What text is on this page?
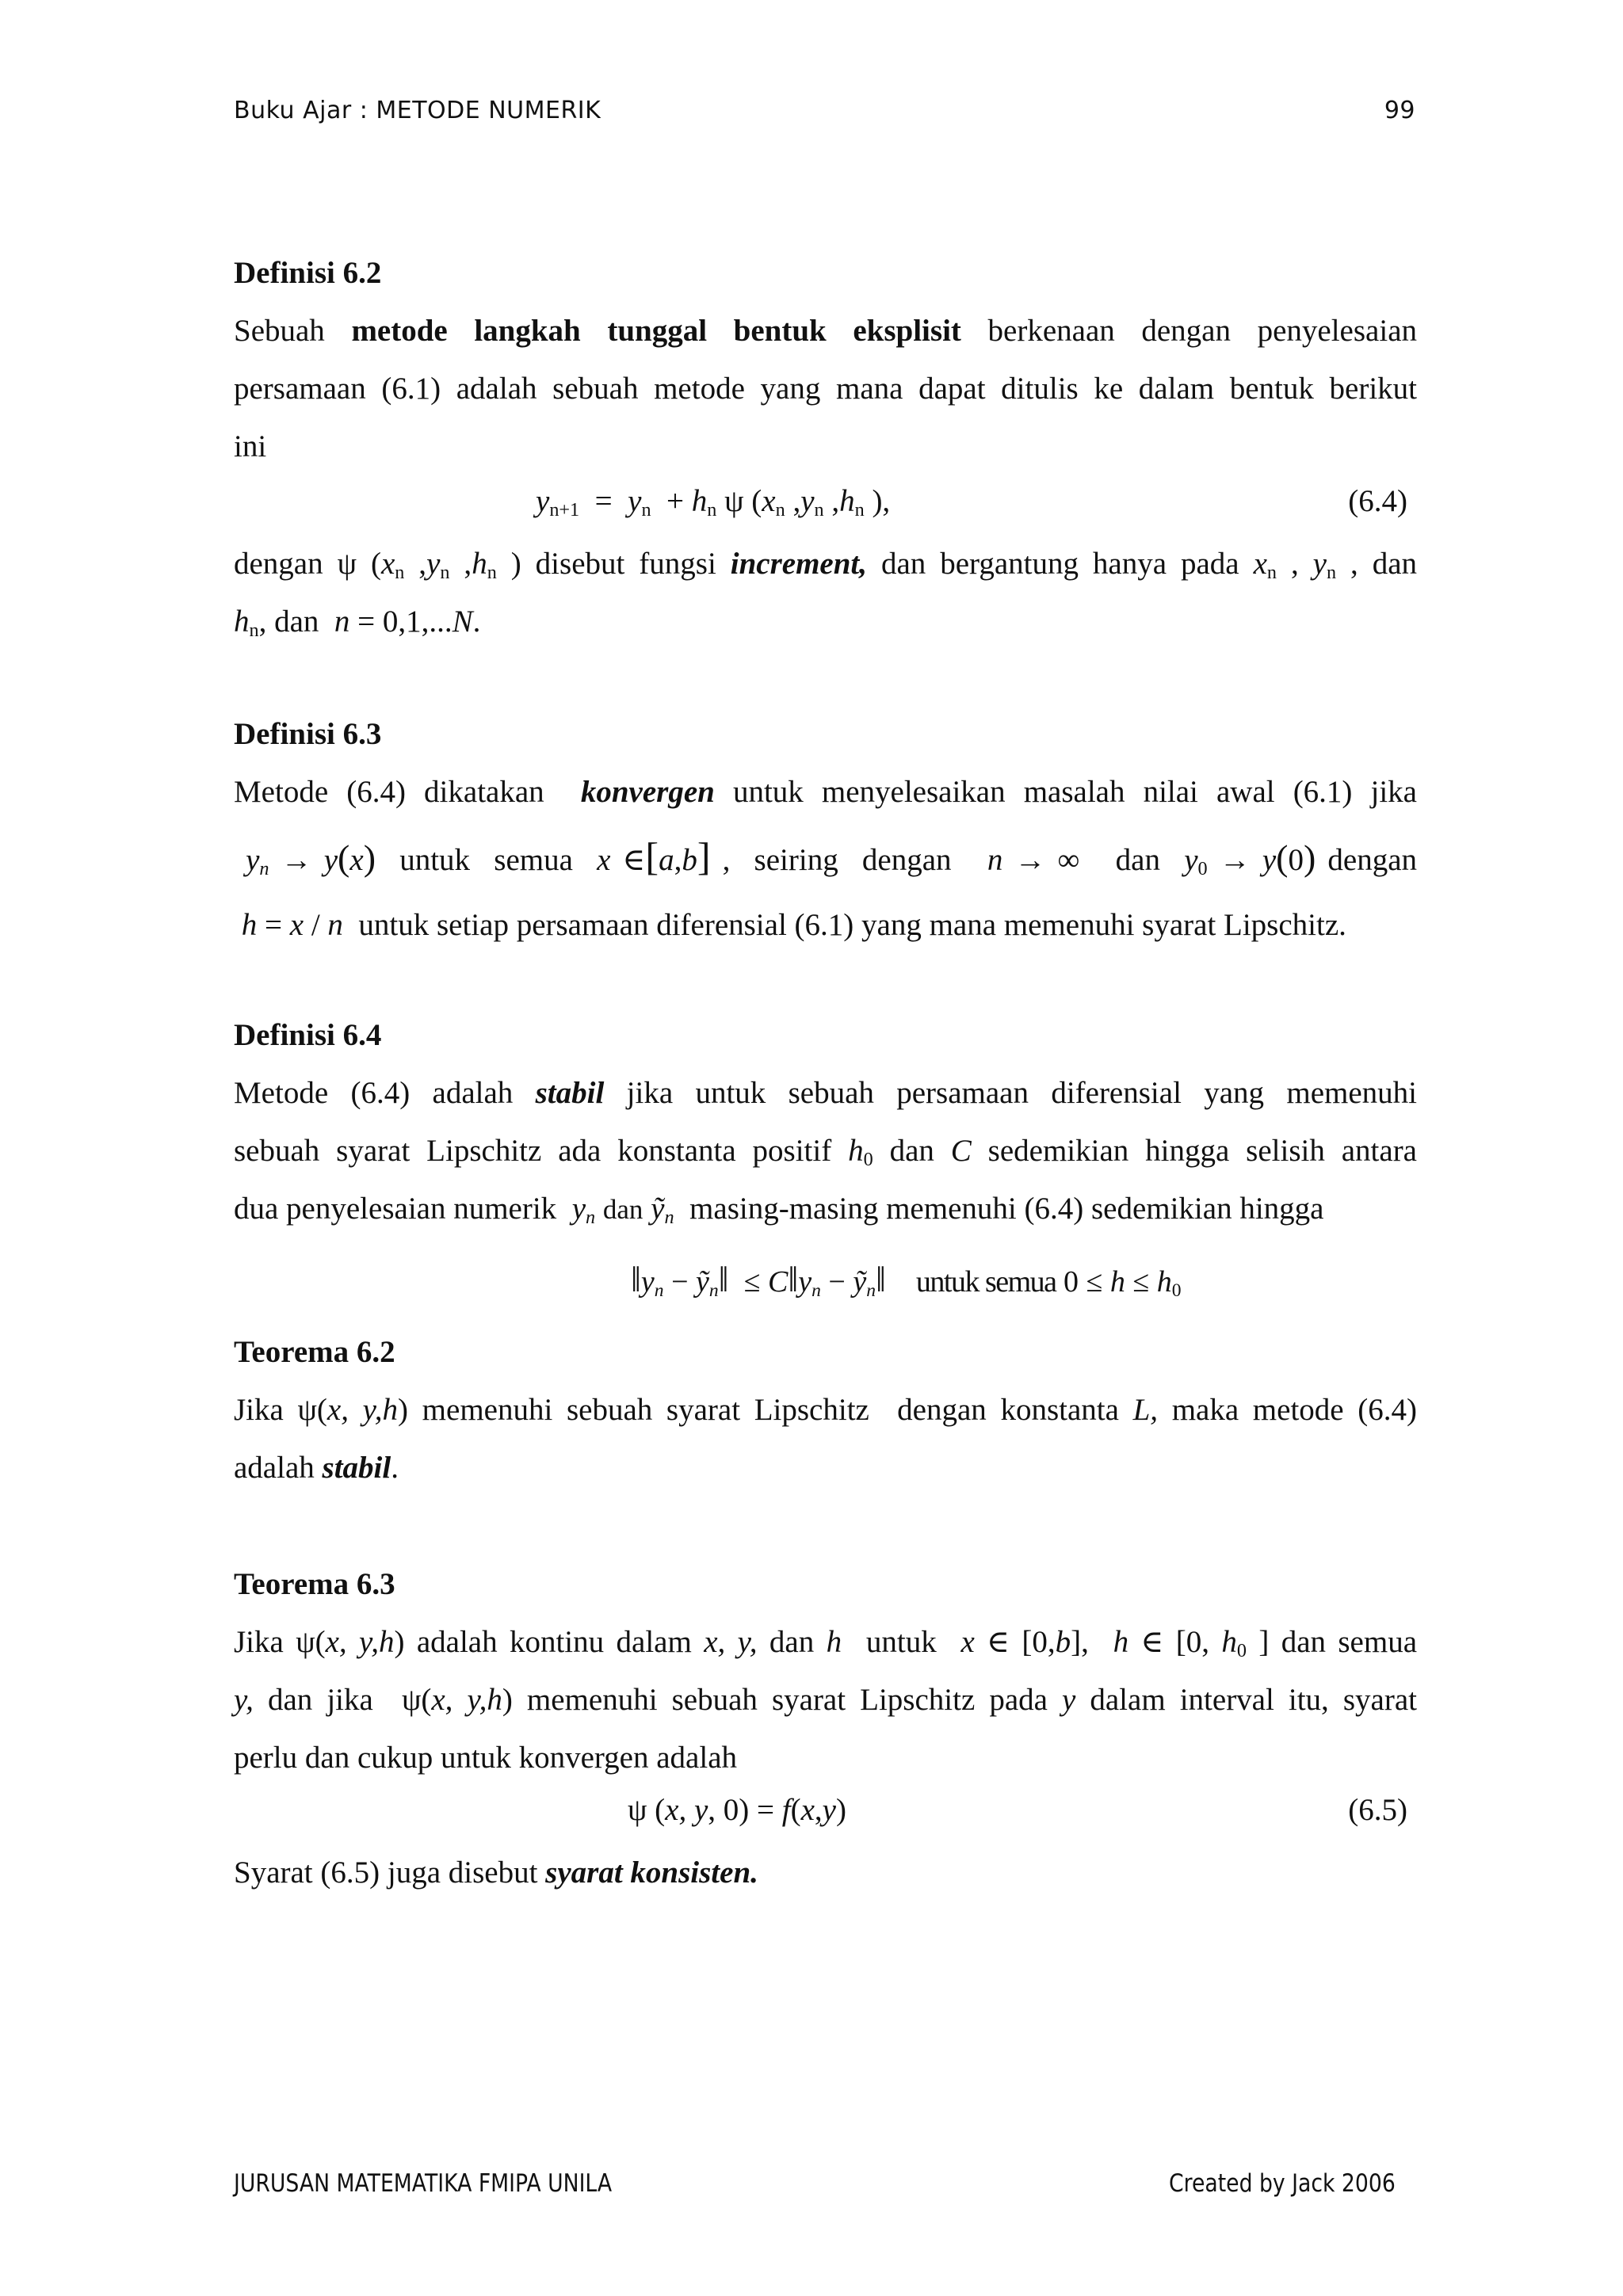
Buku Ajar : METODE NUMERIK	99
Definisi 6.2
Sebuah metode langkah tunggal bentuk eksplisit berkenaan dengan penyelesaian
persamaan (6.1) adalah sebuah metode yang mana dapat ditulis ke dalam bentuk berikut
ini
$y_{n+1} = y_n + h_n$ ψ ($x_n$ $,y_n$ $,h_n$ ),	(6.4)
dengan ψ ($x_n$ $,y_n$ $,h_n$ ) disebut fungsi increment, dan bergantung hanya pada $x_n$ , $y_n$ , dan
$h_n$, dan  n = 0,1,...N.
Definisi 6.3
Metode (6.4) dikatakan  konvergen untuk menyelesaikan masalah nilai awal (6.1) jika
$y_n \to y(x)$  untuk  semua  x ∈[a,b] ,  seiring  dengan   n → ∞   dan  $y_0 \to y(0)$ dengan
h = x / n  untuk setiap persamaan diferensial (6.1) yang mana memenuhi syarat Lipschitz.
Definisi 6.4
Metode (6.4) adalah stabil jika untuk sebuah persamaan diferensial yang memenuhi
sebuah syarat Lipschitz ada konstanta positif $h_0$ dan C sedemikian hingga selisih antara
dua penyelesaian numerik  $y_n$ dan ỹ$_n$  masing-masing memenuhi (6.4) sedemikian hingga
$‖y_n$ − ỹ$_n$‖  ≤ $C‖y_n$ − ỹ$_n$‖ untuk semua $0 \le h \le h_0$
Teorema 6.2
Jika ψ(x, y,h) memenuhi sebuah syarat Lipschitz  dengan konstanta L, maka metode (6.4)
adalah stabil.
Teorema 6.3
Jika ψ(x, y,h) adalah kontinu dalam x, y, dan h  untuk  x ∈ [0,b],  h ∈ [0, $h_0$ ] dan semua
y, dan jika  ψ(x, y,h) memenuhi sebuah syarat Lipschitz pada y dalam interval itu, syarat
perlu dan cukup untuk konvergen adalah
ψ (x, y, 0) = f(x,y)	(6.5)
Syarat (6.5) juga disebut syarat konsisten.
JURUSAN MATEMATIKA FMIPA UNILA	Created by Jack 2006
